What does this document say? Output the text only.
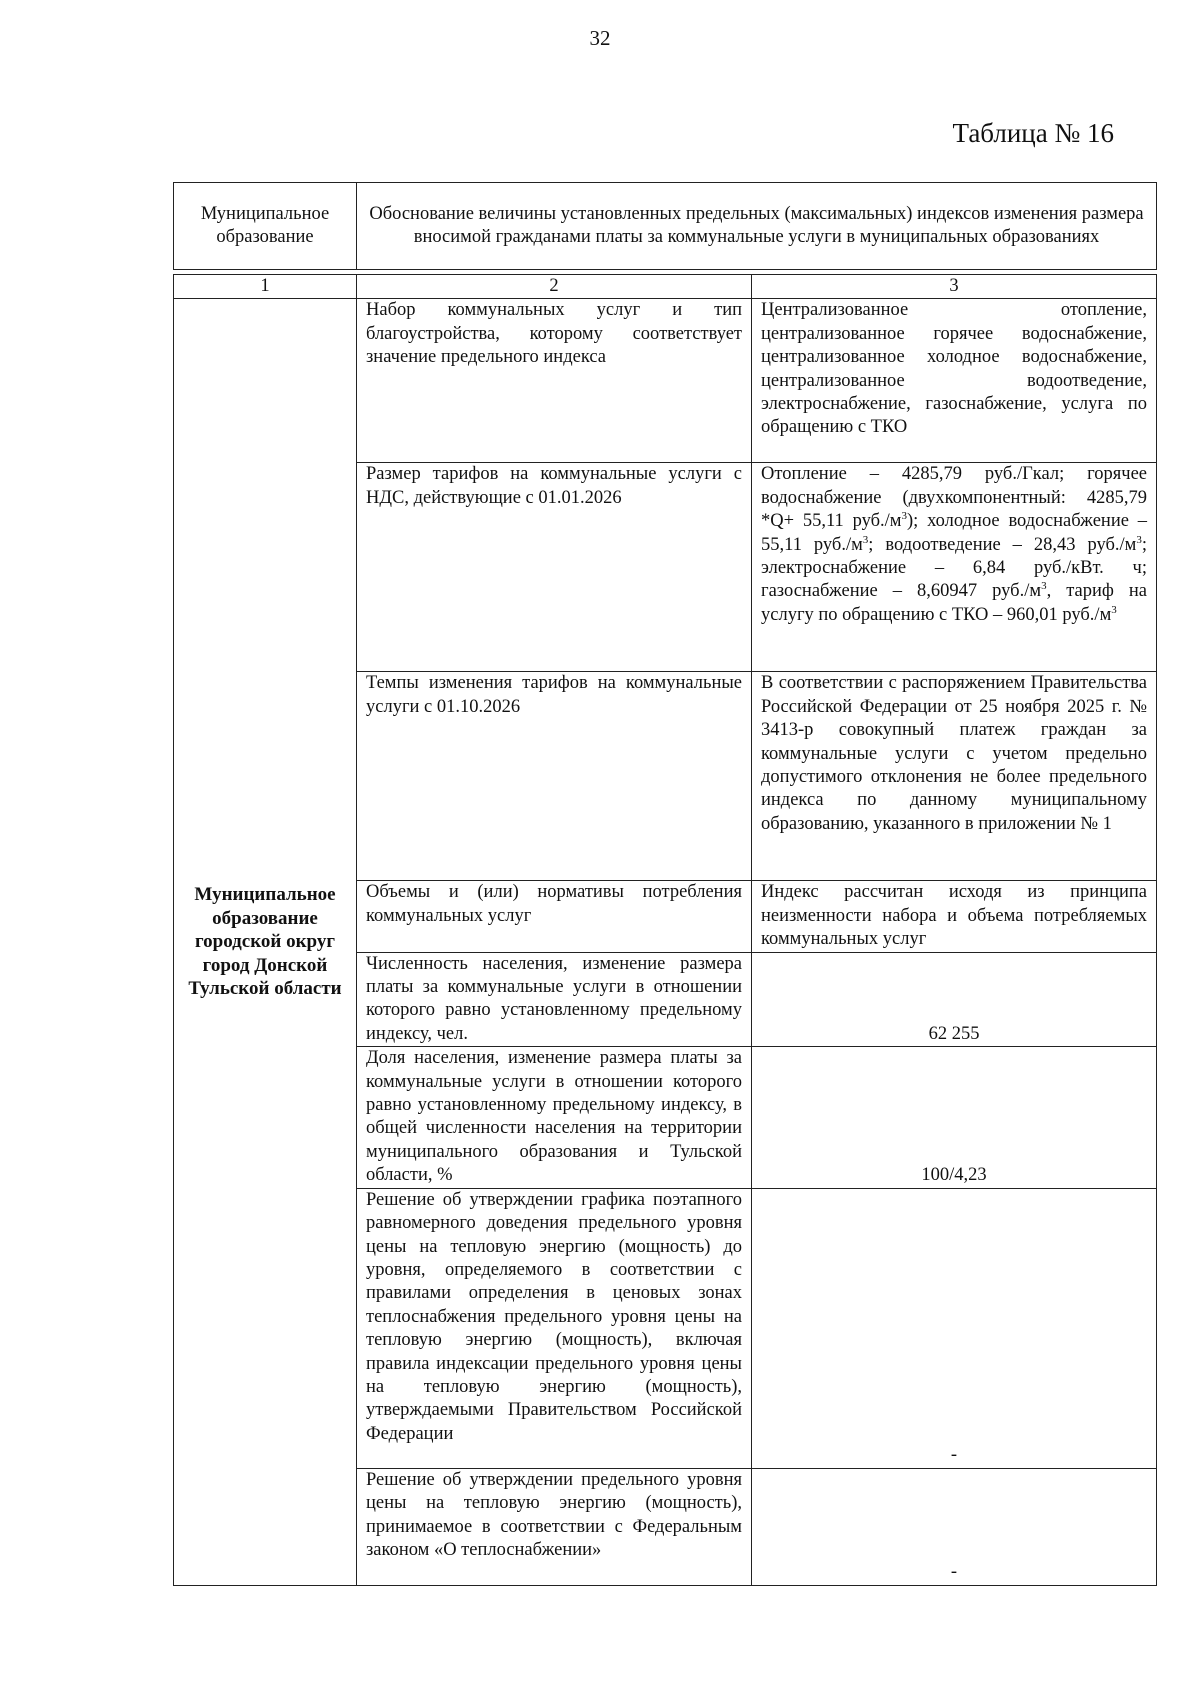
32
Таблица № 16
Муниципальное образование	Обоснование величины установленных предельных (максимальных) индексов изменения размера вносимой гражданами платы за коммунальные услуги в муниципальных образованиях
1	2	3
Муниципальное образование городской округ город Донской Тульской области	Набор коммунальных услуг и тип благоустройства, которому соответствует значение предельного индекса	Централизованное отопление, централизованное горячее водоснабжение, централизованное холодное водоснабжение, централизованное водоотведение, электроснабжение, газоснабжение, услуга по обращению с ТКО
	Размер тарифов на коммунальные услуги с НДС, действующие с 01.01.2026	Отопление – 4285,79 руб./Гкал; горячее водоснабжение (двухкомпонентный: 4285,79 *Q+ 55,11 $руб./м^3$); холодное водоснабжение – 55,11 $руб./м^3$; водоотведение – 28,43 $руб./м^3$; электроснабжение – 6,84 руб./кВт. ч; газоснабжение – 8,60947 $руб./м^3$, тариф на услугу по обращению с ТКО – 960,01 $руб./м^3$
	Темпы изменения тарифов на коммунальные услуги с 01.10.2026	В соответствии с распоряжением Правительства Российской Федерации от 25 ноября 2025 г. № 3413-р совокупный платеж граждан за коммунальные услуги с учетом предельно допустимого отклонения не более предельного индекса по данному муниципальному образованию, указанного в приложении № 1
	Объемы и (или) нормативы потребления коммунальных услуг	Индекс рассчитан исходя из принципа неизменности набора и объема потребляемых коммунальных услуг
	Численность населения, изменение размера платы за коммунальные услуги в отношении которого равно установленному предельному индексу, чел.	62 255
	Доля населения, изменение размера платы за коммунальные услуги в отношении которого равно установленному предельному индексу, в общей численности населения на территории муниципального образования и Тульской области, %	100/4,23
	Решение об утверждении графика поэтапного равномерного доведения предельного уровня цены на тепловую энергию (мощность) до уровня, определяемого в соответствии с правилами определения в ценовых зонах теплоснабжения предельного уровня цены на тепловую энергию (мощность), включая правила индексации предельного уровня цены на тепловую энергию (мощность), утверждаемыми Правительством Российской Федерации	-
	Решение об утверждении предельного уровня цены на тепловую энергию (мощность), принимаемое в соответствии с Федеральным законом «О теплоснабжении»	-
